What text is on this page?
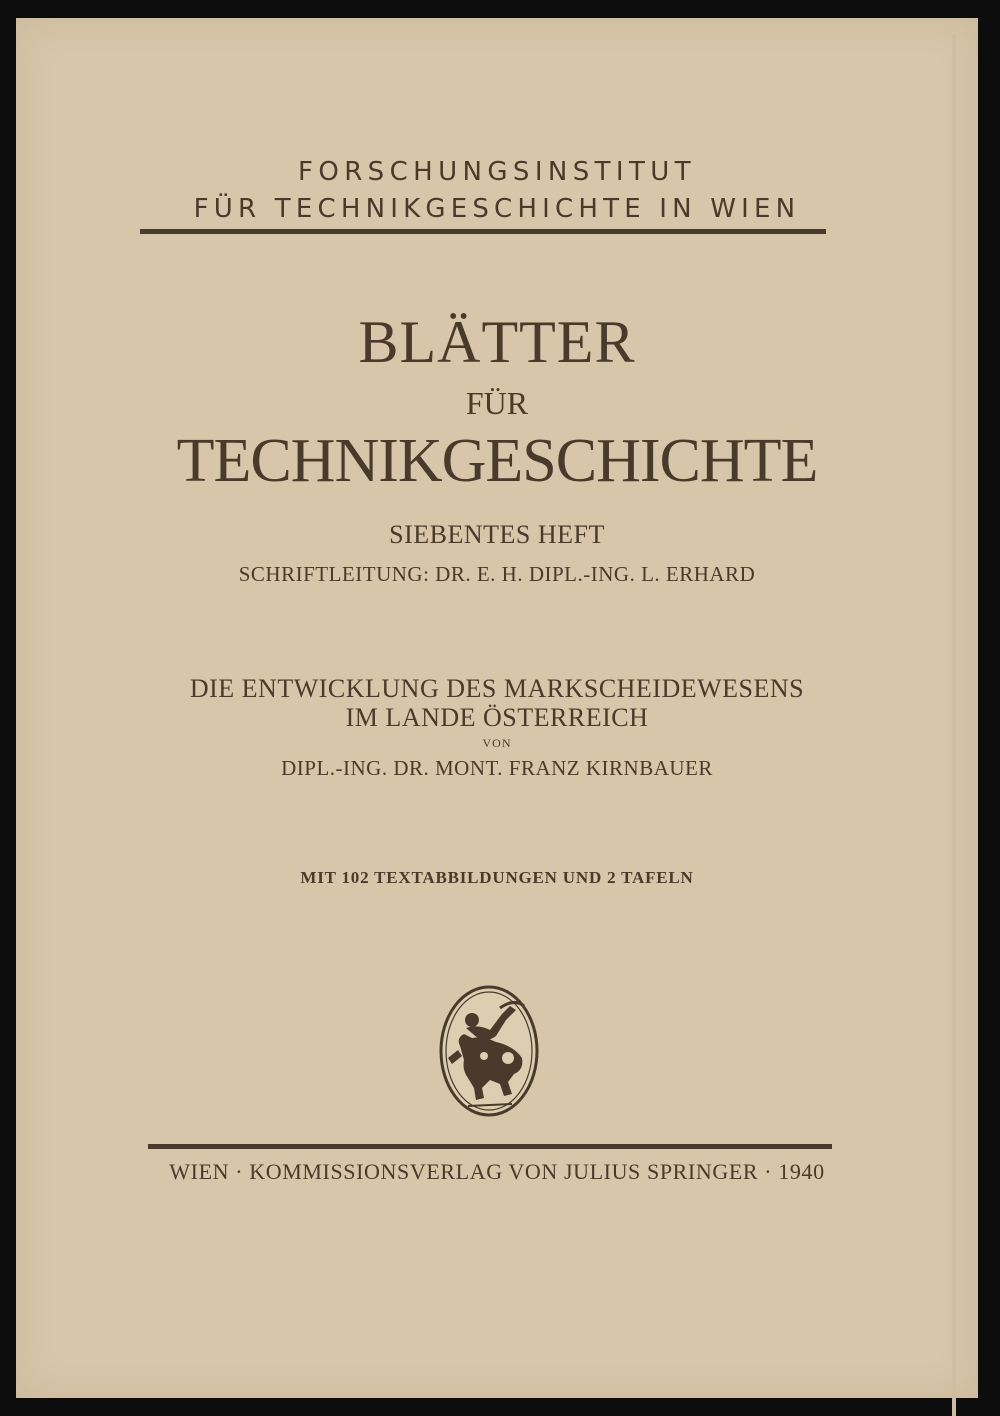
FORSCHUNGSINSTITUT
FÜR TECHNIKGESCHICHTE IN WIEN
BLÄTTER
FÜR
TECHNIKGESCHICHTE
SIEBENTES HEFT
SCHRIFTLEITUNG: DR. E. H. DIPL.-ING. L. ERHARD
DIE ENTWICKLUNG DES MARKSCHEIDEWESENS
IM LANDE ÖSTERREICH
VON
DIPL.-ING. DR. MONT. FRANZ KIRNBAUER
MIT 102 TEXTABBILDUNGEN UND 2 TAFELN
WIEN · KOMMISSIONSVERLAG VON JULIUS SPRINGER · 1940
